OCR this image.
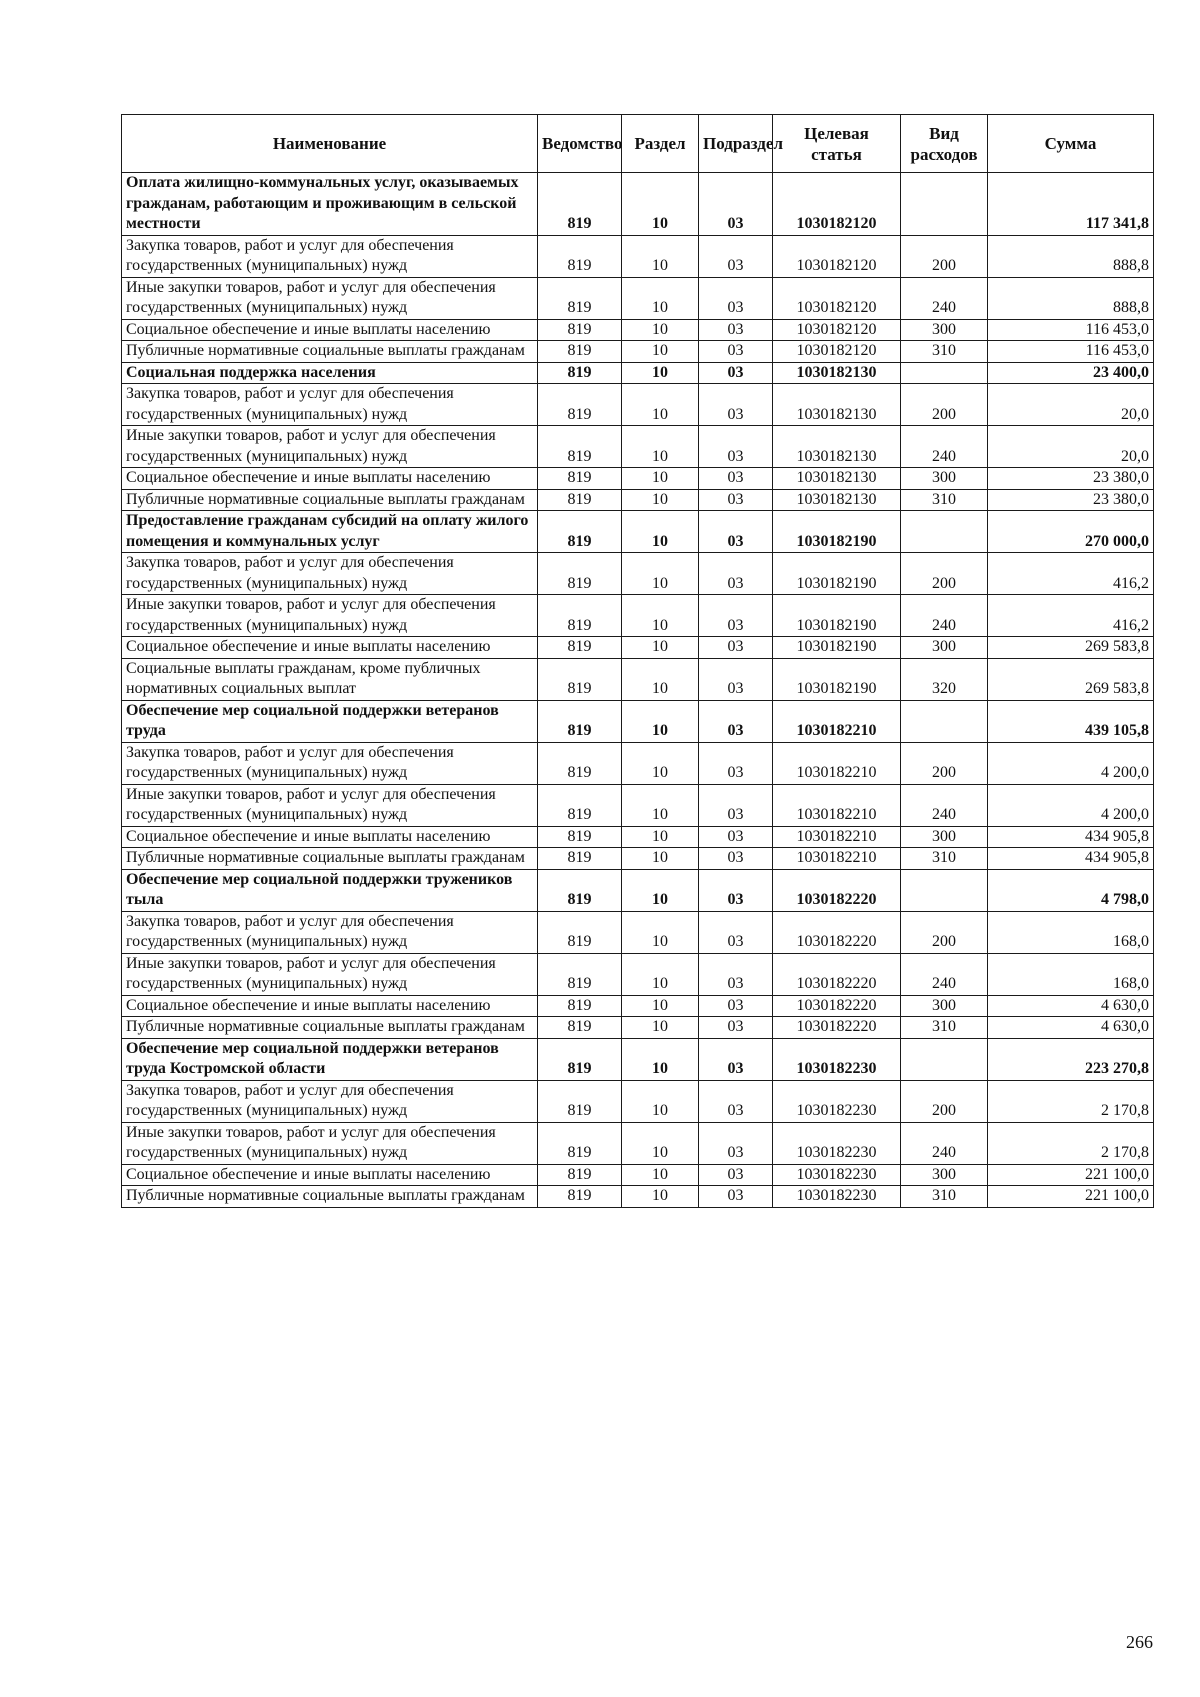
Наименование	Ведомство	Раздел	Подраздел	Целевая статья	Вид расходов	Сумма
Оплата жилищно-коммунальных услуг, оказываемых гражданам, работающим и проживающим в сельской местности	819	10	03	1030182120		117 341,8
Закупка товаров, работ и услуг для обеспечения государственных (муниципальных) нужд	819	10	03	1030182120	200	888,8
Иные закупки товаров, работ и услуг для обеспечения государственных (муниципальных) нужд	819	10	03	1030182120	240	888,8
Социальное обеспечение и иные выплаты населению	819	10	03	1030182120	300	116 453,0
Публичные нормативные социальные выплаты гражданам	819	10	03	1030182120	310	116 453,0
Социальная поддержка населения	819	10	03	1030182130		23 400,0
Закупка товаров, работ и услуг для обеспечения государственных (муниципальных) нужд	819	10	03	1030182130	200	20,0
Иные закупки товаров, работ и услуг для обеспечения государственных (муниципальных) нужд	819	10	03	1030182130	240	20,0
Социальное обеспечение и иные выплаты населению	819	10	03	1030182130	300	23 380,0
Публичные нормативные социальные выплаты гражданам	819	10	03	1030182130	310	23 380,0
Предоставление гражданам субсидий на оплату жилого помещения и коммунальных услуг	819	10	03	1030182190		270 000,0
Закупка товаров, работ и услуг для обеспечения государственных (муниципальных) нужд	819	10	03	1030182190	200	416,2
Иные закупки товаров, работ и услуг для обеспечения государственных (муниципальных) нужд	819	10	03	1030182190	240	416,2
Социальное обеспечение и иные выплаты населению	819	10	03	1030182190	300	269 583,8
Социальные выплаты гражданам, кроме публичных нормативных социальных выплат	819	10	03	1030182190	320	269 583,8
Обеспечение мер социальной поддержки ветеранов труда	819	10	03	1030182210		439 105,8
Закупка товаров, работ и услуг для обеспечения государственных (муниципальных) нужд	819	10	03	1030182210	200	4 200,0
Иные закупки товаров, работ и услуг для обеспечения государственных (муниципальных) нужд	819	10	03	1030182210	240	4 200,0
Социальное обеспечение и иные выплаты населению	819	10	03	1030182210	300	434 905,8
Публичные нормативные социальные выплаты гражданам	819	10	03	1030182210	310	434 905,8
Обеспечение мер социальной поддержки тружеников тыла	819	10	03	1030182220		4 798,0
Закупка товаров, работ и услуг для обеспечения государственных (муниципальных) нужд	819	10	03	1030182220	200	168,0
Иные закупки товаров, работ и услуг для обеспечения государственных (муниципальных) нужд	819	10	03	1030182220	240	168,0
Социальное обеспечение и иные выплаты населению	819	10	03	1030182220	300	4 630,0
Публичные нормативные социальные выплаты гражданам	819	10	03	1030182220	310	4 630,0
Обеспечение мер социальной поддержки ветеранов труда Костромской области	819	10	03	1030182230		223 270,8
Закупка товаров, работ и услуг для обеспечения государственных (муниципальных) нужд	819	10	03	1030182230	200	2 170,8
Иные закупки товаров, работ и услуг для обеспечения государственных (муниципальных) нужд	819	10	03	1030182230	240	2 170,8
Социальное обеспечение и иные выплаты населению	819	10	03	1030182230	300	221 100,0
Публичные нормативные социальные выплаты гражданам	819	10	03	1030182230	310	221 100,0
266
